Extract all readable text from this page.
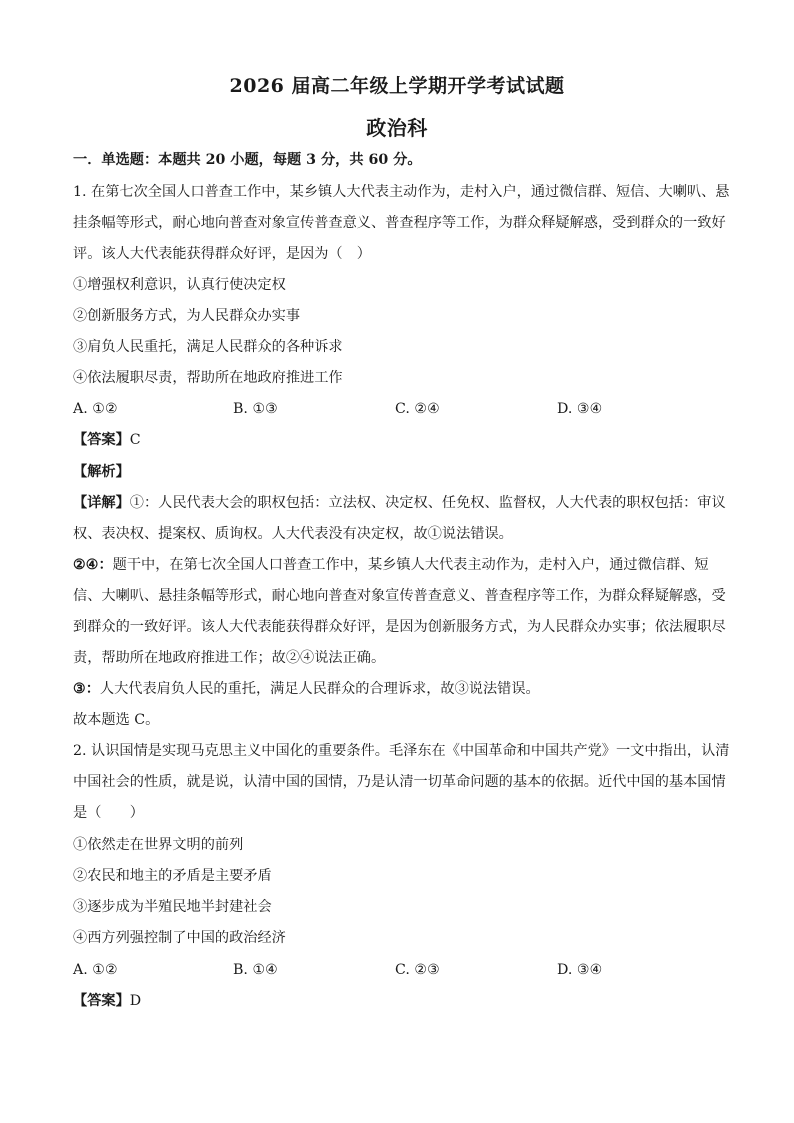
2026 届高二年级上学期开学考试试题
政治科
一．单选题：本题共 20 小题，每题 3 分，共 60 分。
1. 在第七次全国人口普查工作中，某乡镇人大代表主动作为，走村入户，通过微信群、短信、大喇叭、悬
挂条幅等形式，耐心地向普查对象宣传普查意义、普查程序等工作，为群众释疑解惑，受到群众的一致好
评。该人大代表能获得群众好评，是因为（　）
①增强权利意识，认真行使决定权
②创新服务方式，为人民群众办实事
③肩负人民重托，满足人民群众的各种诉求
④依法履职尽责，帮助所在地政府推进工作
A. ①②	B. ①③	C. ②④	D. ③④
【答案】C
【解析】
【详解】①：人民代表大会的职权包括：立法权、决定权、任免权、监督权，人大代表的职权包括：审议
权、表决权、提案权、质询权。人大代表没有决定权，故①说法错误。
②④：题干中，在第七次全国人口普查工作中，某乡镇人大代表主动作为，走村入户，通过微信群、短
信、大喇叭、悬挂条幅等形式，耐心地向普查对象宣传普查意义、普查程序等工作，为群众释疑解惑，受
到群众的一致好评。该人大代表能获得群众好评，是因为创新服务方式，为人民群众办实事；依法履职尽
责，帮助所在地政府推进工作；故②④说法正确。
③：人大代表肩负人民的重托，满足人民群众的合理诉求，故③说法错误。
故本题选 C。
2. 认识国情是实现马克思主义中国化的重要条件。毛泽东在《中国革命和中国共产党》一文中指出，认清
中国社会的性质，就是说，认清中国的国情，乃是认清一切革命问题的基本的依据。近代中国的基本国情
是（　　）
①依然走在世界文明的前列
②农民和地主的矛盾是主要矛盾
③逐步成为半殖民地半封建社会
④西方列强控制了中国的政治经济
A. ①②	B. ①④	C. ②③	D. ③④
【答案】D
